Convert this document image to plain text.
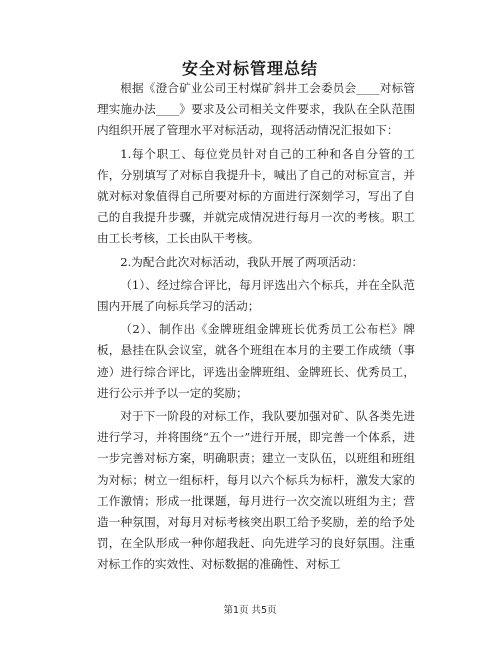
安全对标管理总结

根据《澄合矿业公司王村煤矿斜井工会委员会____对标管理实施办法____》要求及公司相关文件要求，我队在全队范围内组织开展了管理水平对标活动，现将活动情况汇报如下：

1.每个职工、每位党员针对自己的工种和各自分管的工作，分别填写了对标自我提升卡，喊出了自己的对标宣言，并就对标对象值得自己所要对标的方面进行深刻学习，写出了自己的自我提升步骤，并就完成情况进行每月一次的考核。职工由工长考核，工长由队干考核。

2.为配合此次对标活动，我队开展了两项活动：

（1）、经过综合评比，每月评选出六个标兵，并在全队范围内开展了向标兵学习的活动；

（2）、制作出《金牌班组金牌班长优秀员工公布栏》牌板，悬挂在队会议室，就各个班组在本月的主要工作成绩（事迹）进行综合评比，评选出金牌班组、金牌班长、优秀员工，进行公示并予以一定的奖励；

对于下一阶段的对标工作，我队要加强对矿、队各类先进进行学习，并将围绕“五个一”进行开展，即完善一个体系，进一步完善对标方案，明确职责；建立一支队伍，以班组和班组为对标；树立一组标杆，每月以六个标兵为标杆，激发大家的工作激情；形成一批课题，每月进行一次交流以班组为主；营造一种氛围，对每月对标考核突出职工给予奖励，差的给予处罚，在全队形成一种你超我赶、向先进学习的良好氛围。注重对标工作的实效性、对标数据的准确性、对标工

第1页 共5页
